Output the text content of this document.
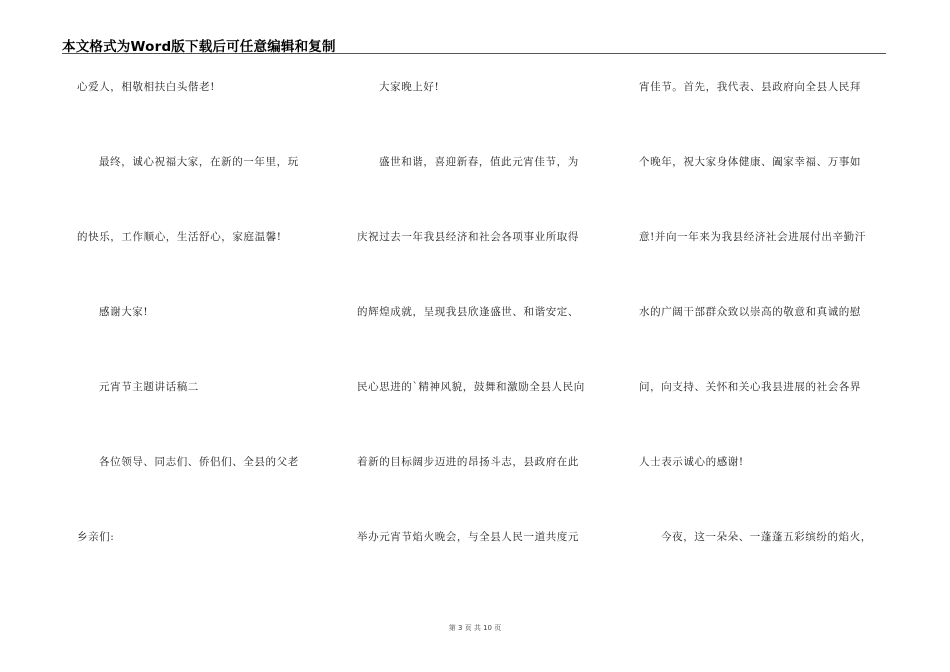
本文格式为Word版下载后可任意编辑和复制
心爱人，相敬相扶白头偕老!
最终，诚心祝福大家，在新的一年里，玩
的快乐，工作顺心，生活舒心，家庭温馨!
感谢大家!
元宵节主题讲话稿二
各位领导、同志们、侨侣们、全县的父老
乡亲们:
大家晚上好!
盛世和谐，喜迎新春，值此元宵佳节，为
庆祝过去一年我县经济和社会各项事业所取得
的辉煌成就，呈现我县欣逢盛世、和谐安定、
民心思进的`精神风貌，鼓舞和激励全县人民向
着新的目标阔步迈进的昂扬斗志，县政府在此
举办元宵节焰火晚会，与全县人民一道共度元
宵佳节。首先，我代表、县政府向全县人民拜
个晚年，祝大家身体健康、阖家幸福、万事如
意!并向一年来为我县经济社会进展付出辛勤汗
水的广阔干部群众致以崇高的敬意和真诚的慰
问，向支持、关怀和关心我县进展的社会各界
人士表示诚心的感谢!
今夜，这一朵朵、一蓬蓬五彩缤纷的焰火，
第 3 页 共 10 页
